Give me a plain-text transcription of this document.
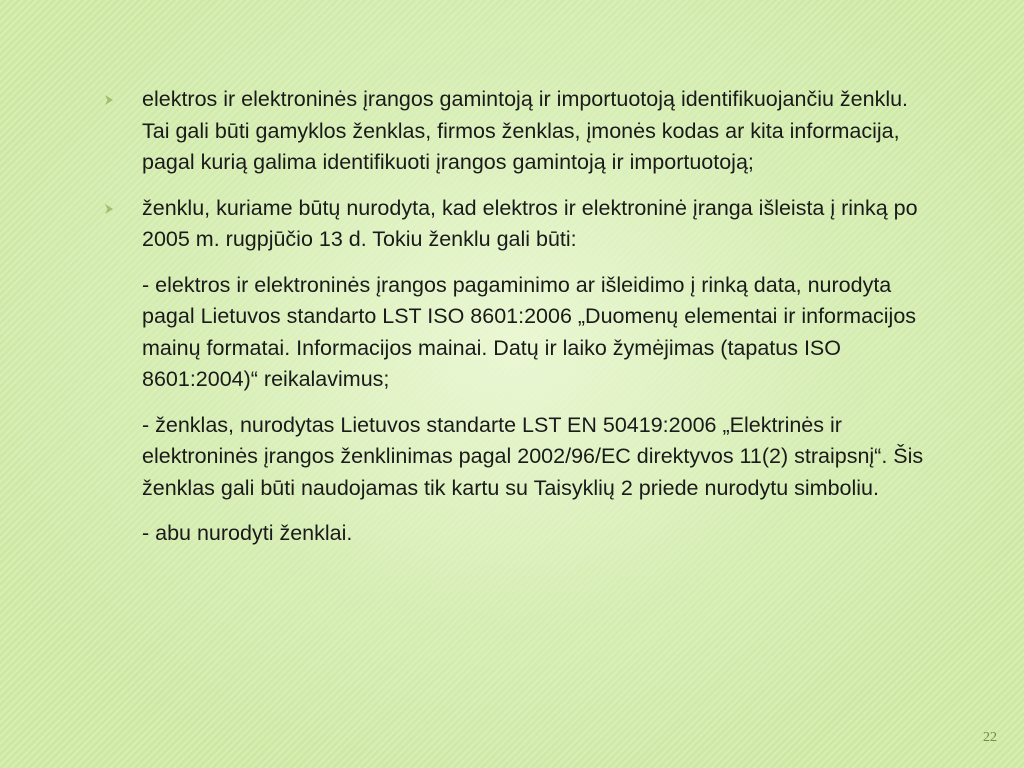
elektros ir elektroninės įrangos gamintoją ir importuotoją identifikuojančiu ženklu. Tai gali būti gamyklos ženklas, firmos ženklas, įmonės kodas ar kita informacija, pagal kurią galima identifikuoti įrangos gamintoją ir importuotoją;
ženklu, kuriame būtų nurodyta, kad elektros ir elektroninė įranga išleista į rinką po 2005 m. rugpjūčio 13 d. Tokiu ženklu gali būti:
- elektros ir elektroninės įrangos pagaminimo ar išleidimo į rinką data, nurodyta pagal Lietuvos standarto LST ISO 8601:2006 „Duomenų elementai ir informacijos mainų formatai. Informacijos mainai. Datų ir laiko žymėjimas (tapatus ISO 8601:2004)“ reikalavimus;
- ženklas, nurodytas Lietuvos standarte LST EN 50419:2006 „Elektrinės ir elektroninės įrangos ženklinimas pagal 2002/96/EC direktyvos 11(2) straipsnį“. Šis ženklas gali būti naudojamas tik kartu su Taisyklių 2 priede nurodytu simboliu.
- abu nurodyti ženklai.
22
